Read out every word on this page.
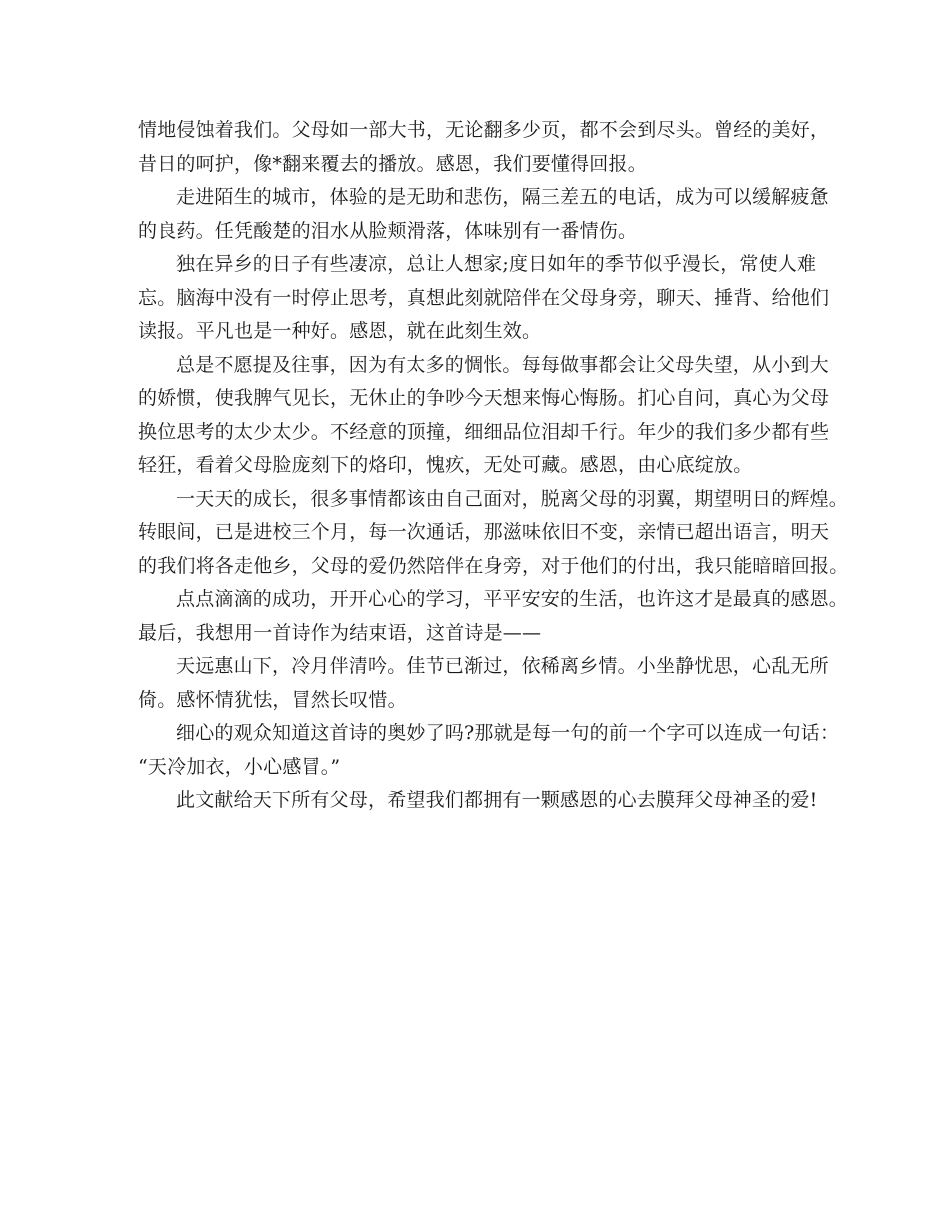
情地侵蚀着我们。父母如一部大书，无论翻多少页，都不会到尽头。曾经的美好，
昔日的呵护，像*翻来覆去的播放。感恩，我们要懂得回报。
走进陌生的城市，体验的是无助和悲伤，隔三差五的电话，成为可以缓解疲惫
的良药。任凭酸楚的泪水从脸颊滑落，体味别有一番情伤。
独在异乡的日子有些凄凉，总让人想家;度日如年的季节似乎漫长，常使人难
忘。脑海中没有一时停止思考，真想此刻就陪伴在父母身旁，聊天、捶背、给他们
读报。平凡也是一种好。感恩，就在此刻生效。
总是不愿提及往事，因为有太多的惆怅。每每做事都会让父母失望，从小到大
的娇惯，使我脾气见长，无休止的争吵今天想来悔心悔肠。扪心自问，真心为父母
换位思考的太少太少。不经意的顶撞，细细品位泪却千行。年少的我们多少都有些
轻狂，看着父母脸庞刻下的烙印，愧疚，无处可藏。感恩，由心底绽放。
一天天的成长，很多事情都该由自己面对，脱离父母的羽翼，期望明日的辉煌。
转眼间，已是进校三个月，每一次通话，那滋味依旧不变，亲情已超出语言，明天
的我们将各走他乡，父母的爱仍然陪伴在身旁，对于他们的付出，我只能暗暗回报。
点点滴滴的成功，开开心心的学习，平平安安的生活，也许这才是最真的感恩。
最后，我想用一首诗作为结束语，这首诗是——
天远惠山下，冷月伴清吟。佳节已渐过，依稀离乡情。小坐静忧思，心乱无所
倚。感怀情犹怯，冒然长叹惜。
细心的观众知道这首诗的奥妙了吗?那就是每一句的前一个字可以连成一句话：
“天冷加衣，小心感冒。”
此文献给天下所有父母，希望我们都拥有一颗感恩的心去膜拜父母神圣的爱!
